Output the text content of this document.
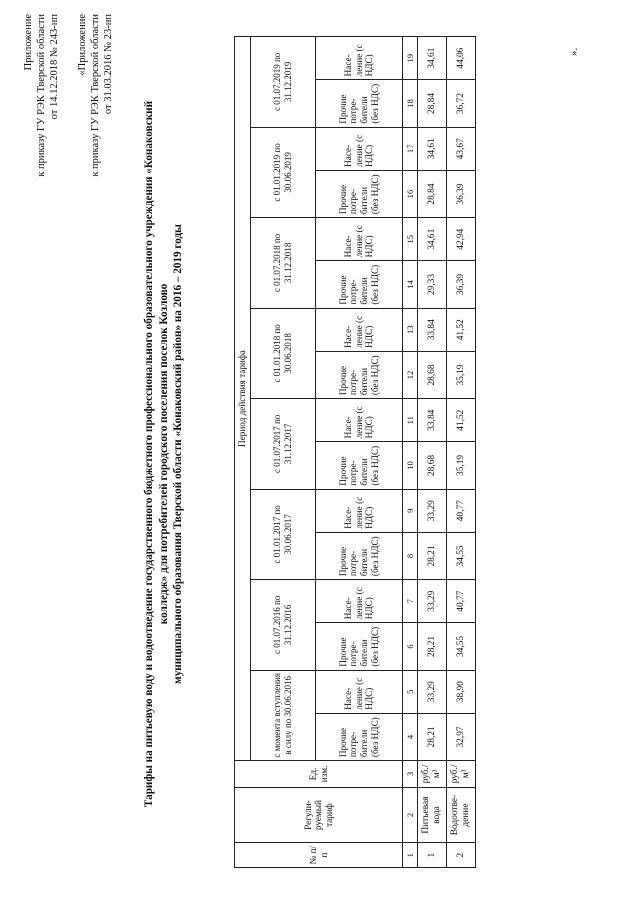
Приложение к приказу ГУ РЭК Тверской области от 14.12.2018 № 243-нп «Приложение к приказу ГУ РЭК Тверской области от 31.03.2016 № 23-нп
Тарифы на питьевую воду и водоотведение государственного бюджетного профессионального образовательного учреждения «Конаковский колледж» для потребителей городского поселения поселок Козлово муниципального образования Тверской области «Конаковский район» на 2016 – 2019 годы
№ п/п	Регули-руемый тариф	Ед. изм.	Период действия тарифа															
			с момента вступления в силу по 30.06.2016		с 01.07.2016 по 31.12.2016		с 01.01.2017 по 30.06.2017		с 01.07.2017 по 31.12.2017		с 01.01.2018 по 30.06.2018		с 01.07.2018 по 31.12.2018		с 01.01.2019 по 30.06.2019		с 01.07.2019 по 31.12.2019	
			Прочие потре-бители (без НДС)	Насе-ление (с НДС)	Прочие потре-бители (без НДС)	Насе-ление (с НДС)	Прочие потре-бители (без НДС)	Насе-ление (с НДС)	Прочие потре-бители (без НДС)	Насе-ление (с НДС)	Прочие потре-бители (без НДС)	Насе-ление (с НДС)	Прочие потре-бители (без НДС)	Насе-ление (с НДС)	Прочие потре-бители (без НДС)	Насе-ление (с НДС)	Прочие потре-бители (без НДС)	Насе-ление (с НДС)
1	2	3	4	5	6	7	8	9	10	11	12	13	14	15	16	17	18	19
1	Питьевая вода	руб./м³	28,21	33,29	28,21	33,29	28,21	33,29	28,68	33,84	28,68	33,84	29,33	34,61	28,84	34,61	28,84	34,61
2	Водоотве-дение	руб./м³	32,97	38,90	34,55	40,77	34,55	40,77	35,19	41,52	35,19	41,52	36,39	42,94	36,39	43,67	36,72	44,06	».
